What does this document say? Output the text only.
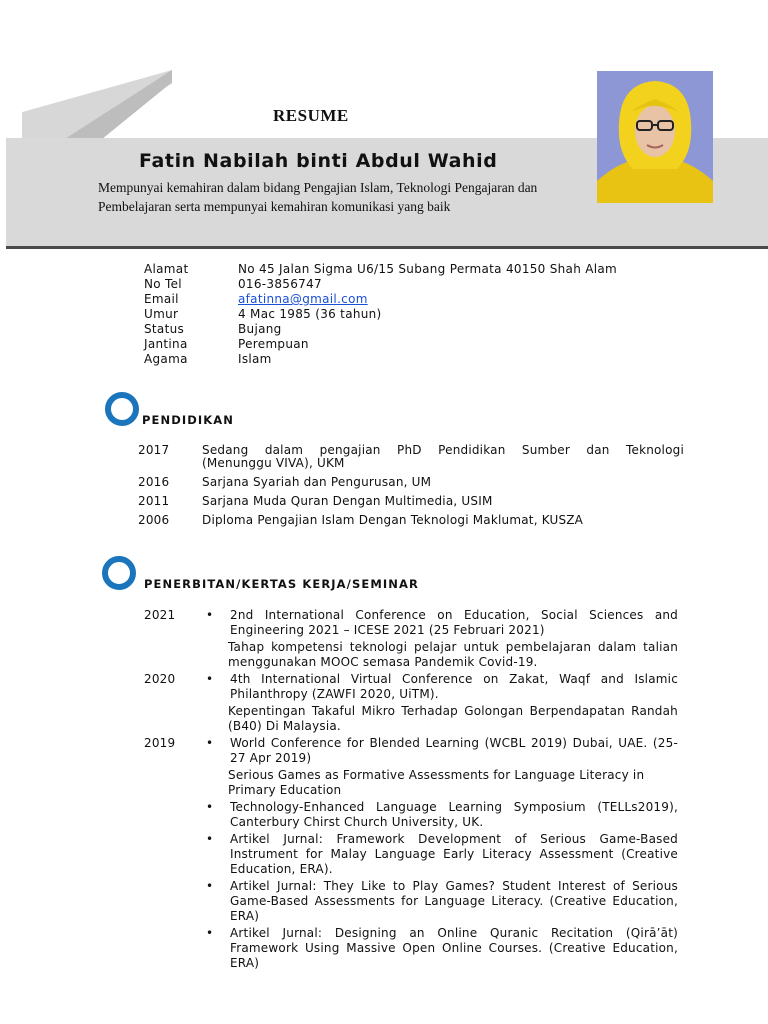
RESUME
Fatin Nabilah binti Abdul Wahid
Mempunyai kemahiran dalam bidang Pengajian Islam, Teknologi Pengajaran dan Pembelajaran serta mempunyai kemahiran komunikasi yang baik
Alamat	No 45 Jalan Sigma U6/15 Subang Permata 40150 Shah Alam
No Tel	016-3856747
Email	afatinna@gmail.com
Umur	4 Mac 1985 (36 tahun)
Status	Bujang
Jantina	Perempuan
Agama	Islam
PENDIDIKAN
2017	Sedang dalam pengajian PhD Pendidikan Sumber dan Teknologi
(Menunggu VIVA), UKM
2016	Sarjana Syariah dan Pengurusan, UM
2011	Sarjana Muda Quran Dengan Multimedia, USIM
2006	Diploma Pengajian Islam Dengan Teknologi Maklumat, KUSZA
PENERBITAN/KERTAS KERJA/SEMINAR
2021	•	2nd International Conference on Education, Social Sciences and Engineering 2021 – ICESE 2021 (25 Februari 2021)
Tahap kompetensi teknologi pelajar untuk pembelajaran dalam talian menggunakan MOOC semasa Pandemik Covid-19.
2020	•	4th International Virtual Conference on Zakat, Waqf and Islamic Philanthropy (ZAWFI 2020, UiTM).
Kepentingan Takaful Mikro Terhadap Golongan Berpendapatan Randah (B40) Di Malaysia.
2019	•	World Conference for Blended Learning (WCBL 2019) Dubai, UAE. (25-27 Apr 2019)
Serious Games as Formative Assessments for Language Literacy in Primary Education
•	Technology-Enhanced Language Learning Symposium (TELLs2019), Canterbury Chirst Church University, UK.
•	Artikel Jurnal: Framework Development of Serious Game-Based Instrument for Malay Language Early Literacy Assessment (Creative Education, ERA).
•	Artikel Jurnal: They Like to Play Games? Student Interest of Serious Game-Based Assessments for Language Literacy. (Creative Education, ERA)
•	Artikel Jurnal: Designing an Online Quranic Recitation (Qirā’āt) Framework Using Massive Open Online Courses. (Creative Education, ERA)
